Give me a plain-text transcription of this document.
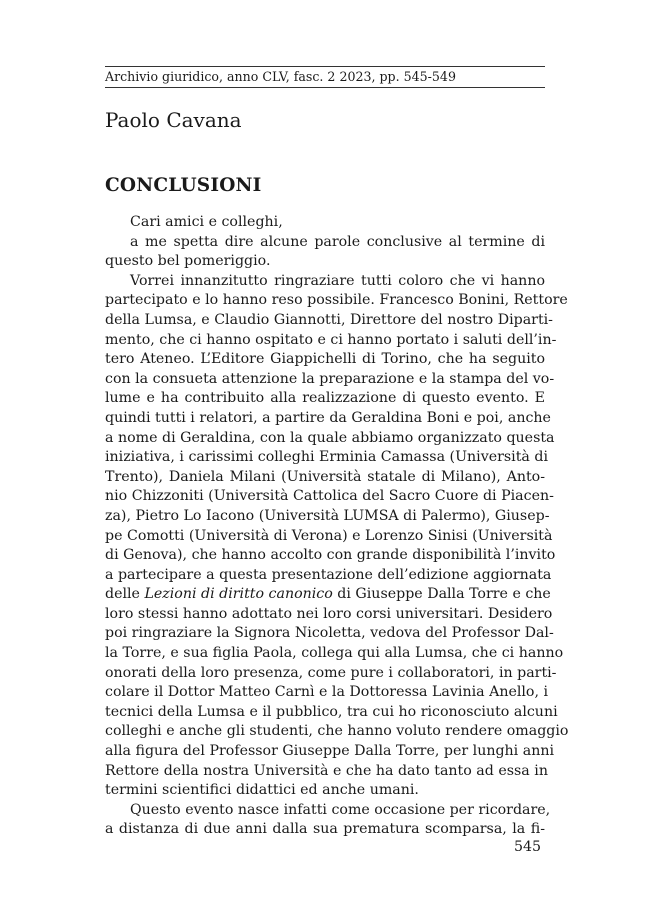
Archivio giuridico, anno CLV, fasc. 2 2023, pp. 545-549
Paolo Cavana
CONCLUSIONI
Cari amici e colleghi,
a me spetta dire alcune parole conclusive al termine di
questo bel pomeriggio.
Vorrei innanzitutto ringraziare tutti coloro che vi hanno
partecipato e lo hanno reso possibile. Francesco Bonini, Rettore
della Lumsa, e Claudio Giannotti, Direttore del nostro Diparti-
mento, che ci hanno ospitato e ci hanno portato i saluti dell’in-
tero Ateneo. L’Editore Giappichelli di Torino, che ha seguito
con la consueta attenzione la preparazione e la stampa del vo-
lume e ha contribuito alla realizzazione di questo evento. E
quindi tutti i relatori, a partire da Geraldina Boni e poi, anche
a nome di Geraldina, con la quale abbiamo organizzato questa
iniziativa, i carissimi colleghi Erminia Camassa (Università di
Trento), Daniela Milani (Università statale di Milano), Anto-
nio Chizzoniti (Università Cattolica del Sacro Cuore di Piacen-
za), Pietro Lo Iacono (Università LUMSA di Palermo), Giusep-
pe Comotti (Università di Verona) e Lorenzo Sinisi (Università
di Genova), che hanno accolto con grande disponibilità l’invito
a partecipare a questa presentazione dell’edizione aggiornata
delle Lezioni di diritto canonico di Giuseppe Dalla Torre e che
loro stessi hanno adottato nei loro corsi universitari. Desidero
poi ringraziare la Signora Nicoletta, vedova del Professor Dal-
la Torre, e sua figlia Paola, collega qui alla Lumsa, che ci hanno
onorati della loro presenza, come pure i collaboratori, in parti-
colare il Dottor Matteo Carnì e la Dottoressa Lavinia Anello, i
tecnici della Lumsa e il pubblico, tra cui ho riconosciuto alcuni
colleghi e anche gli studenti, che hanno voluto rendere omaggio
alla figura del Professor Giuseppe Dalla Torre, per lunghi anni
Rettore della nostra Università e che ha dato tanto ad essa in
termini scientifici didattici ed anche umani.
Questo evento nasce infatti come occasione per ricordare,
a distanza di due anni dalla sua prematura scomparsa, la fi-
545
